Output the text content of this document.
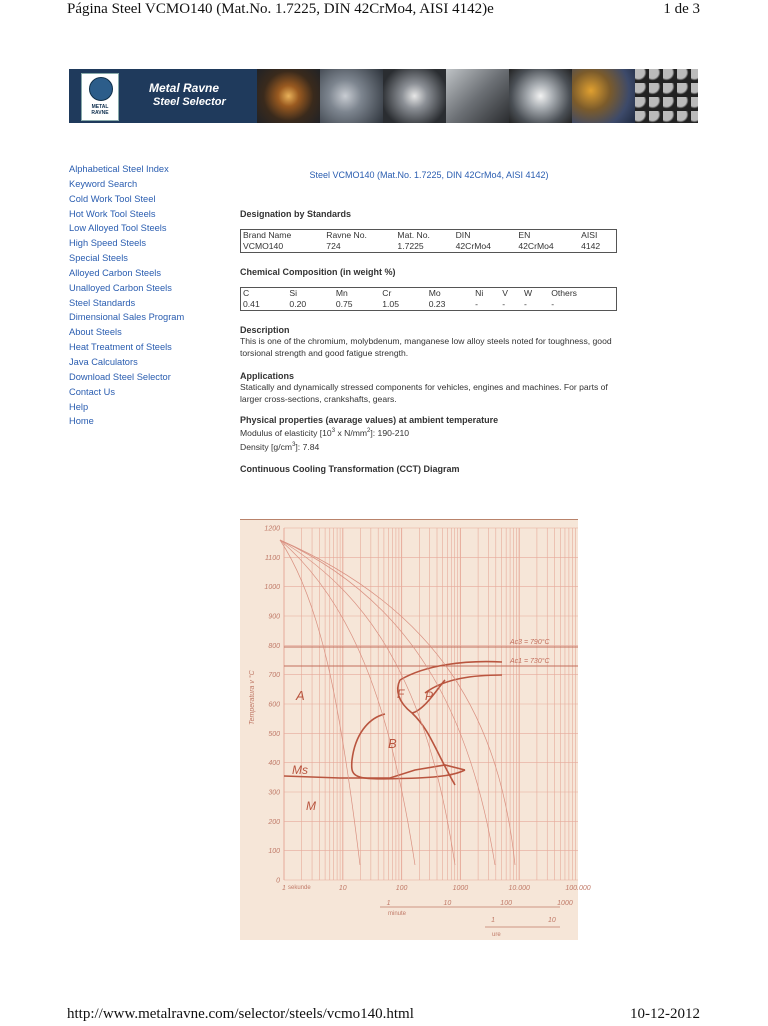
Página Steel VCMO140 (Mat.No. 1.7225, DIN 42CrMo4, AISI 4142)e	1 de 3
METAL RAVNE
Metal Ravne
Steel Selector
Alphabetical Steel Index
Keyword Search
Cold Work Tool Steel
Hot Work Tool Steels
Low Alloyed Tool Steels
High Speed Steels
Special Steels
Alloyed Carbon Steels
Unalloyed Carbon Steels
Steel Standards
Dimensional Sales Program
About Steels
Heat Treatment of Steels
Java Calculators
Download Steel Selector
Contact Us
Help
Home
Steel VCMO140 (Mat.No. 1.7225, DIN 42CrMo4, AISI 4142)
Designation by Standards
Brand Name	Ravne No.	Mat. No.	DIN	EN	AISI
VCMO140	724	1.7225	42CrMo4	42CrMo4	4142
Chemical Composition (in weight %)
C	Si	Mn	Cr	Mo	Ni	V	W	Others
0.41	0.20	0.75	1.05	0.23	-	-	-	-
Description
This is one of the chromium, molybdenum, manganese low alloy steels noted for toughness, good torsional strength and good fatigue strength.
Applications
Statically and dynamically stressed components for vehicles, engines and machines. For parts of larger cross-sections, crankshafts, gears.
Physical properties (avarage values) at ambient temperature
Modulus of elasticity [$10^3$ x $N/mm^2$]: 190-210
Density $[g/cm^3]$: 7.84
Continuous Cooling Transformation (CCT) Diagram
1200
1100
1000
900
800
700
600
500
400
300
200
100
0
1	10	100	1000	10.000	100.000
1	10	100	1000
1	10
Temperatura v °C
sekunde
minute
ure
Ac3 = 790°C
Ac1 = 730°C
A	F P
B
Ms
M
http://www.metalravne.com/selector/steels/vcmo140.html	10-12-2012
